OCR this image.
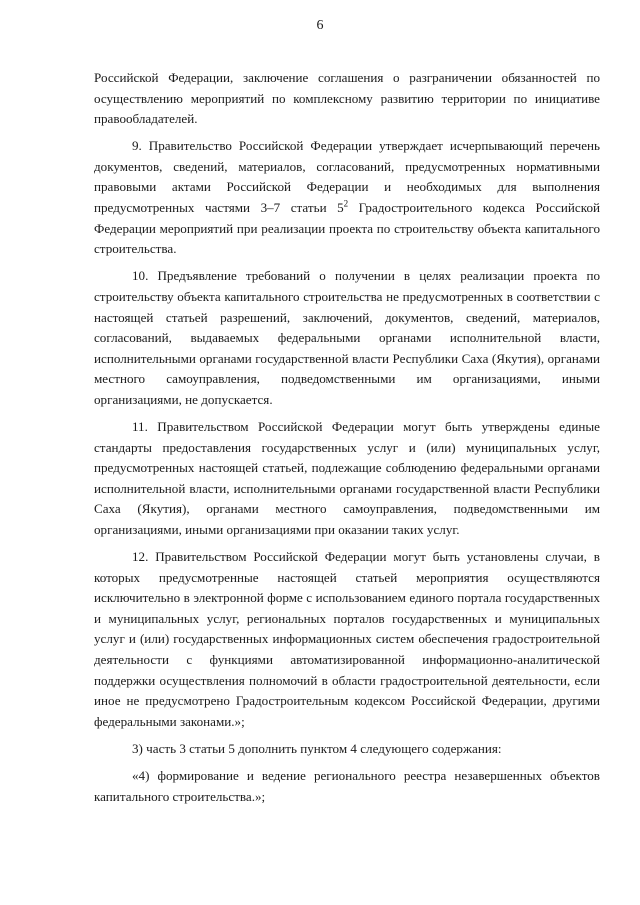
6

Российской Федерации, заключение соглашения о разграничении обязанностей по осуществлению мероприятий по комплексному развитию территории по инициативе правообладателей.

9. Правительство Российской Федерации утверждает исчерпывающий перечень документов, сведений, материалов, согласований, предусмотренных нормативными правовыми актами Российской Федерации и необходимых для выполнения предусмотренных частями 3–7 статьи $5^2$ Градостроительного кодекса Российской Федерации мероприятий при реализации проекта по строительству объекта капитального строительства.

10. Предъявление требований о получении в целях реализации проекта по строительству объекта капитального строительства не предусмотренных в соответствии с настоящей статьей разрешений, заключений, документов, сведений, материалов, согласований, выдаваемых федеральными органами исполнительной власти, исполнительными органами государственной власти Республики Саха (Якутия), органами местного самоуправления, подведомственными им организациями, иными организациями, не допускается.

11. Правительством Российской Федерации могут быть утверждены единые стандарты предоставления государственных услуг и (или) муниципальных услуг, предусмотренных настоящей статьей, подлежащие соблюдению федеральными органами исполнительной власти, исполнительными органами государственной власти Республики Саха (Якутия), органами местного самоуправления, подведомственными им организациями, иными организациями при оказании таких услуг.

12. Правительством Российской Федерации могут быть установлены случаи, в которых предусмотренные настоящей статьей мероприятия осуществляются исключительно в электронной форме с использованием единого портала государственных и муниципальных услуг, региональных порталов государственных и муниципальных услуг и (или) государственных информационных систем обеспечения градостроительной деятельности с функциями автоматизированной информационно-аналитической поддержки осуществления полномочий в области градостроительной деятельности, если иное не предусмотрено Градостроительным кодексом Российской Федерации, другими федеральными законами.»;

3) часть 3 статьи 5 дополнить пунктом 4 следующего содержания:

«4) формирование и ведение регионального реестра незавершенных объектов капитального строительства.»;
